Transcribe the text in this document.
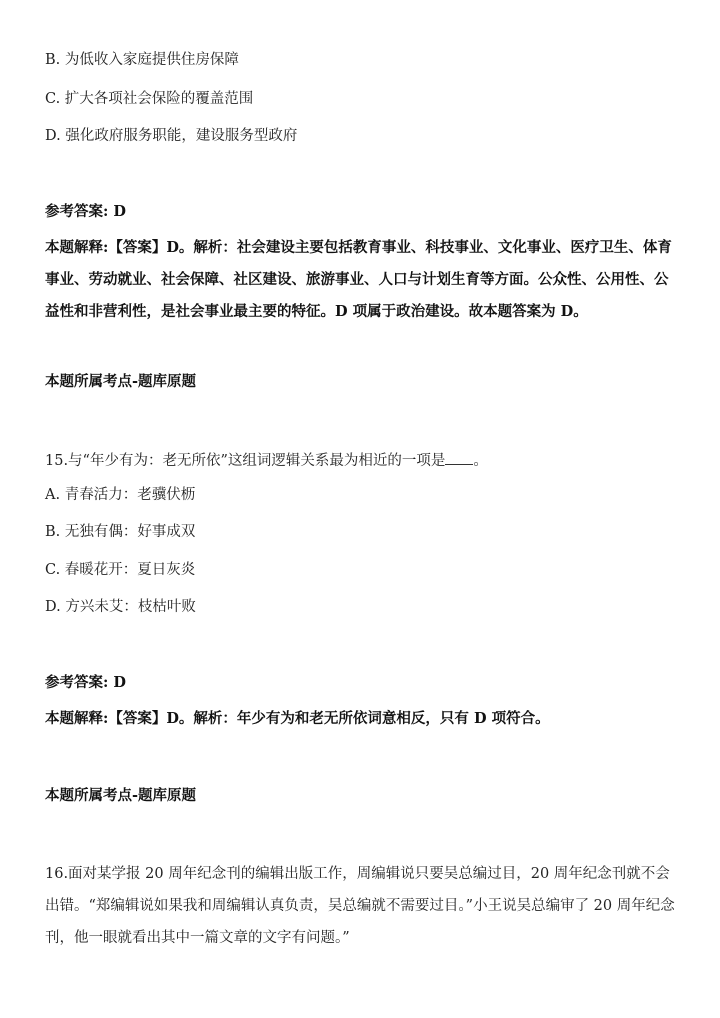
B. 为低收入家庭提供住房保障
C. 扩大各项社会保险的覆盖范围
D. 强化政府服务职能，建设服务型政府
参考答案: D
本题解释:【答案】D。解析：社会建设主要包括教育事业、科技事业、文化事业、医疗卫生、体育事业、劳动就业、社会保障、社区建设、旅游事业、人口与计划生育等方面。公众性、公用性、公益性和非营利性，是社会事业最主要的特征。D 项属于政治建设。故本题答案为 D。
本题所属考点-题库原题
15.与“年少有为：老无所依”这组词逻辑关系最为相近的一项是 。
A. 青春活力：老骥伏枥
B. 无独有偶：好事成双
C. 春暖花开：夏日灰炎
D. 方兴未艾：枝枯叶败
参考答案: D
本题解释:【答案】D。解析：年少有为和老无所依词意相反，只有 D 项符合。
本题所属考点-题库原题
16.面对某学报 20 周年纪念刊的编辑出版工作，周编辑说只要吴总编过目，20 周年纪念刊就不会出错。“郑编辑说如果我和周编辑认真负责，吴总编就不需要过目。”小王说吴总编审了 20 周年纪念刊，他一眼就看出其中一篇文章的文字有问题。”
